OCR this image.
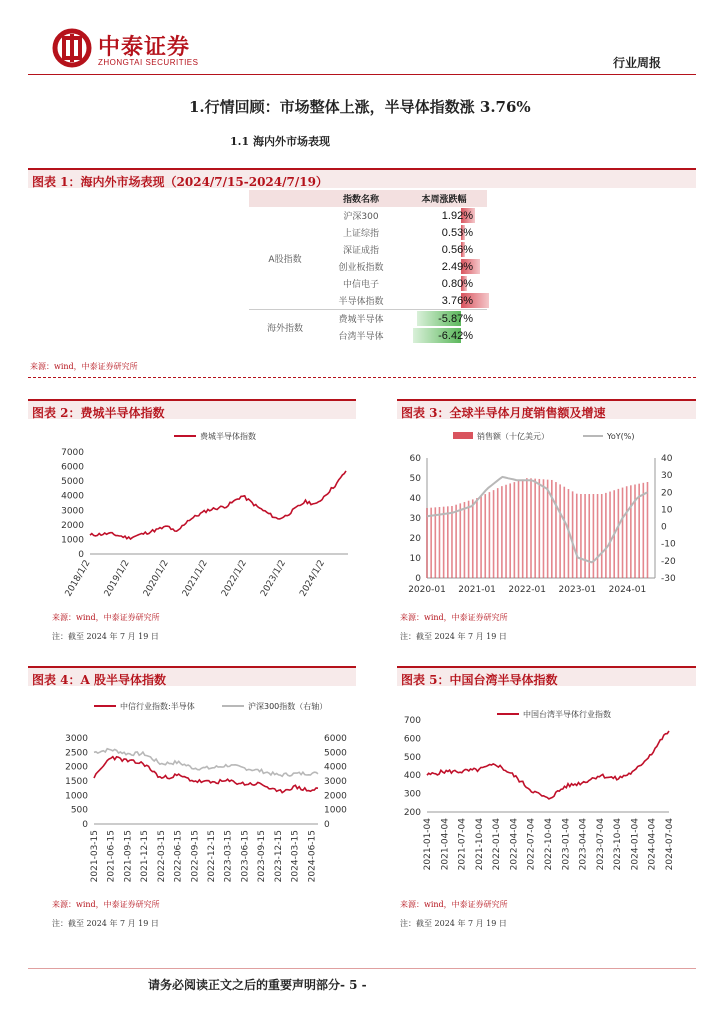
中泰证券
ZHONGTAI SECURITIES	行业周报
1.行情回顾：市场整体上涨，半导体指数涨 3.76%
1.1 海内外市场表现
图表 1：海内外市场表现（2024/7/15-2024/7/19）
	指数名称	本周涨跌幅
A股指数	沪深300	1.92%
	上证综指	0.53%
	深证成指	0.56%
	创业板指数	2.49%
	中信电子	0.80%
	半导体指数	3.76%
海外指数	费城半导体	-5.87%
	台湾半导体	-6.42%
来源：wind，中泰证券研究所
图表 2：费城半导体指数
费城半导体指数
0
1000
2000
3000
4000
5000
6000
7000
2018/1/2 2019/1/2 2020/1/2 2021/1/2 2022/1/2 2023/1/2 2024/1/2
来源：wind，中泰证券研究所
注：截至 2024 年 7 月 19 日
图表 3：全球半导体月度销售额及增速
销售额（十亿美元）	YoY(%)
0
10
20
30
40
50
60
-30
-20
-10
0
10
20
30
40
2020-01 2021-01 2022-01 2023-01 2024-01
来源：wind，中泰证券研究所
注：截至 2024 年 7 月 19 日
图表 4：A 股半导体指数
中信行业指数:半导体	沪深300指数（右轴）
0
500
1000
1500
2000
2500
3000
0
1000
2000
3000
4000
5000
6000
2021-03-15 2021-06-15 2021-09-15 2021-12-15 2022-03-15 2022-06-15 2022-09-15 2022-12-15 2023-03-15 2023-06-15 2023-09-15 2023-12-15 2024-03-15 2024-06-15
来源：wind，中泰证券研究所
注：截至 2024 年 7 月 19 日
图表 5：中国台湾半导体指数
中国台湾半导体行业指数
200
300
400
500
600
700
2021-01-04 2021-04-04 2021-07-04 2021-10-04 2022-01-04 2022-04-04 2022-07-04 2022-10-04 2023-01-04 2023-04-04 2023-07-04 2023-10-04 2024-01-04 2024-04-04 2024-07-04
来源：wind，中泰证券研究所
注：截至 2024 年 7 月 19 日
请务必阅读正文之后的重要声明部分- 5 -
